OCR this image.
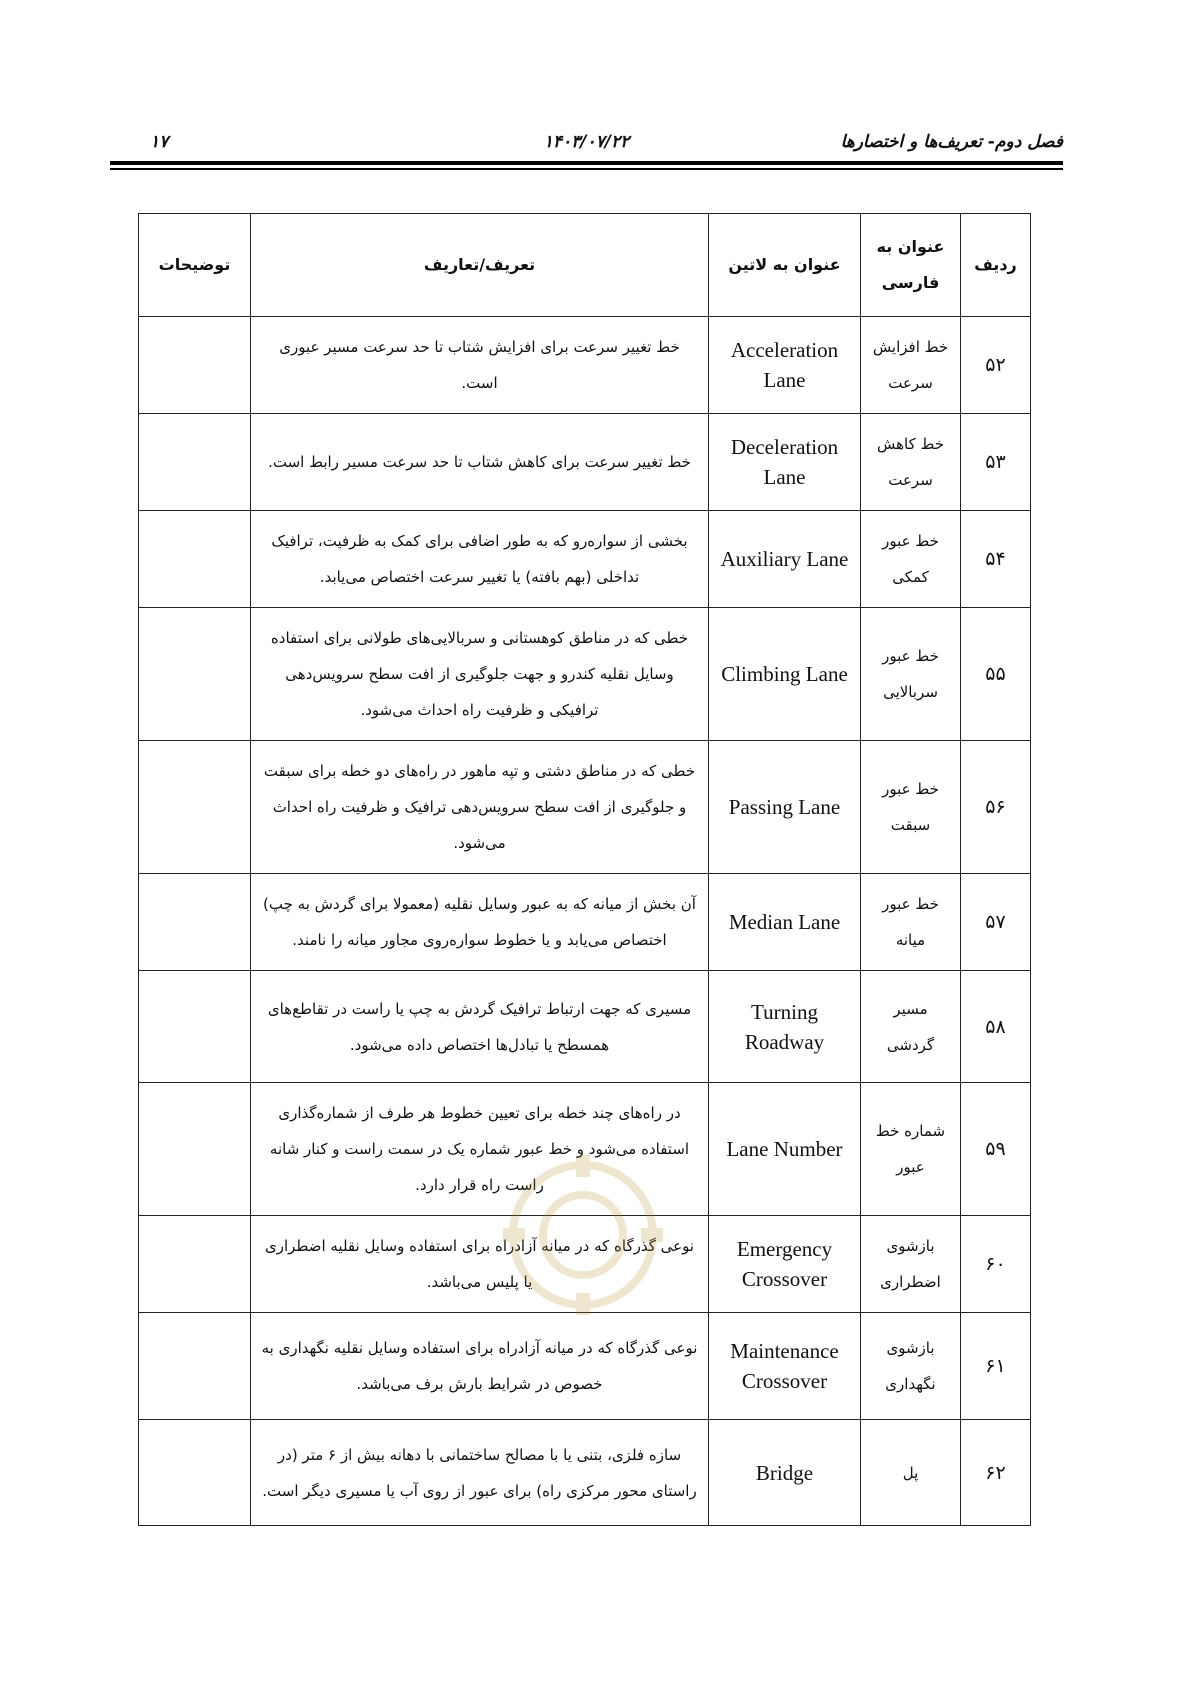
فصل دوم- تعریف‌ها و اختصارها
۱۴۰۳/۰۷/۲۲
۱۷
ردیف	عنوان به فارسی	عنوان به لاتین	تعریف/تعاریف	توضیحات
۵۲	خط افزایش سرعت	Acceleration Lane	خط تغییر سرعت برای افزایش شتاب تا حد سرعت مسیر عبوری است.	
۵۳	خط کاهش سرعت	Deceleration Lane	خط تغییر سرعت برای کاهش شتاب تا حد سرعت مسیر رابط است.	
۵۴	خط عبور کمکی	Auxiliary Lane	بخشی از سواره‌رو که به طور اضافی برای کمک به ظرفیت، ترافیک تداخلی (بهم بافته) یا تغییر سرعت اختصاص می‌یابد.	
۵۵	خط عبور سربالایی	Climbing Lane	خطی که در مناطق کوهستانی و سربالایی‌های طولانی برای استفاده وسایل نقلیه کندرو و جهت جلوگیری از افت سطح سرویس‌دهی ترافیکی و ظرفیت راه احداث می‌شود.	
۵۶	خط عبور سبقت	Passing Lane	خطی که در مناطق دشتی و تپه ماهور در راه‌های دو خطه برای سبقت و جلوگیری از افت سطح سرویس‌دهی ترافیک و ظرفیت راه احداث می‌شود.	
۵۷	خط عبور میانه	Median Lane	آن بخش از میانه که به عبور وسایل نقلیه (معمولا برای گردش به چپ) اختصاص می‌یابد و یا خطوط سواره‌روی مجاور میانه را نامند.	
۵۸	مسیر گردشی	Turning Roadway	مسیری که جهت ارتباط ترافیک گردش به چپ یا راست در تقاطع‌های همسطح یا تبادل‌ها اختصاص داده می‌شود.	
۵۹	شماره خط عبور	Lane Number	در راه‌های چند خطه برای تعیین خطوط هر طرف از شماره‌گذاری استفاده می‌شود و خط عبور شماره یک در سمت راست و کنار شانه راست راه قرار دارد.	
۶۰	بازشوی اضطراری	Emergency Crossover	نوعی گذرگاه که در میانه آزادراه برای استفاده وسایل نقلیه اضطراری یا پلیس می‌باشد.	
۶۱	بازشوی نگهداری	Maintenance Crossover	نوعی گذرگاه که در میانه آزادراه برای استفاده وسایل نقلیه نگهداری به خصوص در شرایط بارش برف می‌باشد.	
۶۲	پل	Bridge	سازه فلزی، بتنی یا با مصالح ساختمانی با دهانه بیش از ۶ متر (در راستای محور مرکزی راه) برای عبور از روی آب یا مسیری دیگر است.	
